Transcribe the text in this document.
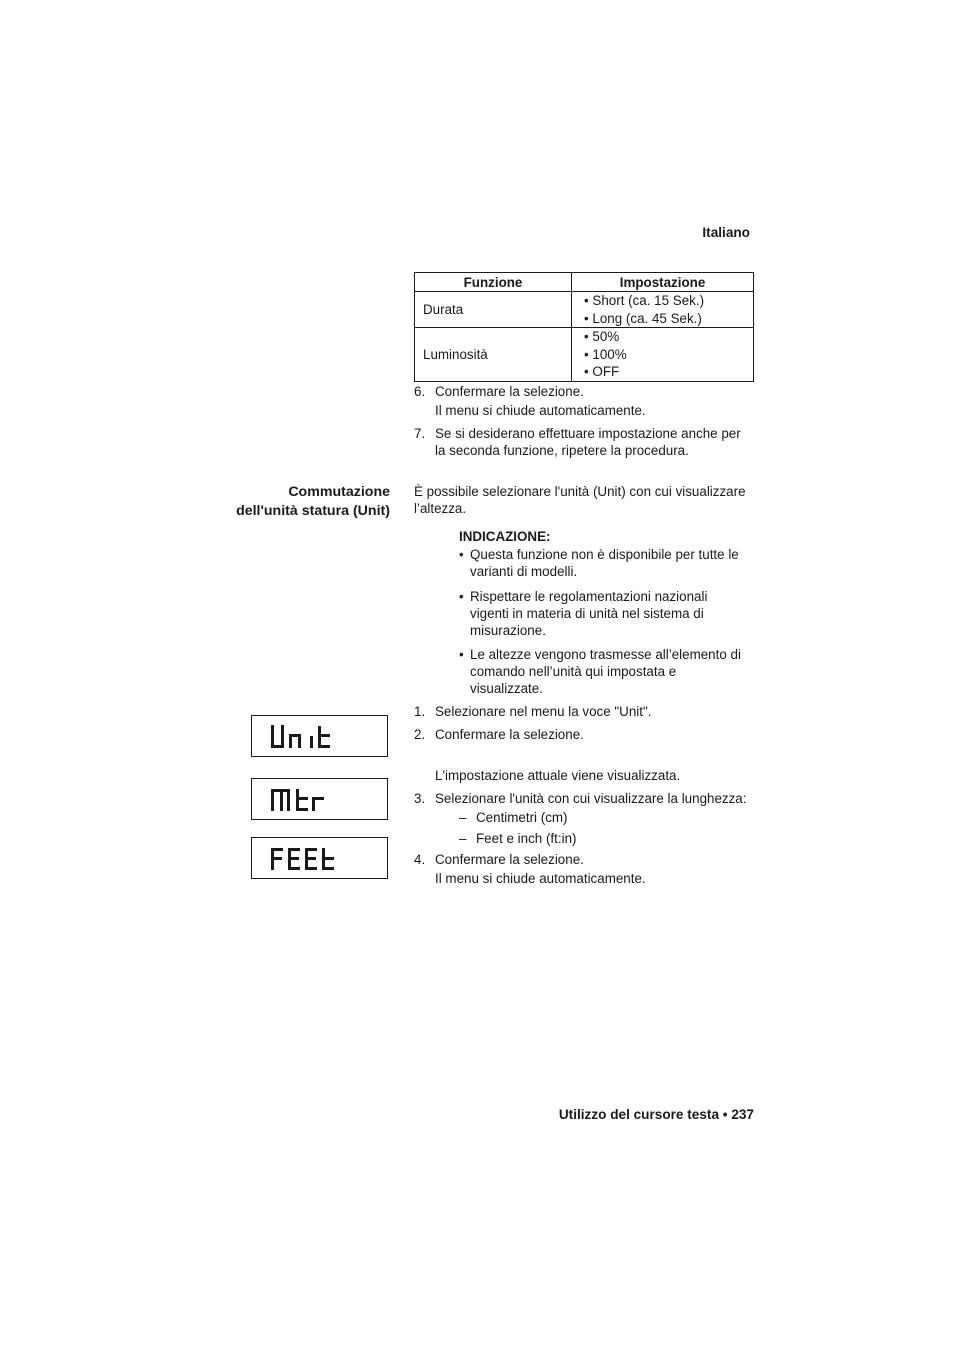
Italiano
Funzione	Impostazione
Durata	• Short (ca. 15 Sek.)
• Long (ca. 45 Sek.)

Luminosità	• 50%
• 100%
• OFF
6. Confermare la selezione.
Il menu si chiude automaticamente.
7. Se si desiderano effettuare impostazione anche per
la seconda funzione, ripetere la procedura.
Commutazione
dell'unità statura (Unit)
È possibile selezionare l'unità (Unit) con cui visualizzare
l’altezza.
INDICAZIONE:
• Questa funzione non è disponibile per tutte le
varianti di modelli.
• Rispettare le regolamentazioni nazionali
vigenti in materia di unità nel sistema di
misurazione.
• Le altezze vengono trasmesse all’elemento di
comando nell’unità qui impostata e
visualizzate.
1. Selezionare nel menu la voce "Unit".
2. Confermare la selezione.
L'impostazione attuale viene visualizzata.
3. Selezionare l'unità con cui visualizzare la lunghezza:
– Centimetri (cm)
– Feet e inch (ft:in)
4. Confermare la selezione.
Il menu si chiude automaticamente.
Utilizzo del cursore testa • 237
